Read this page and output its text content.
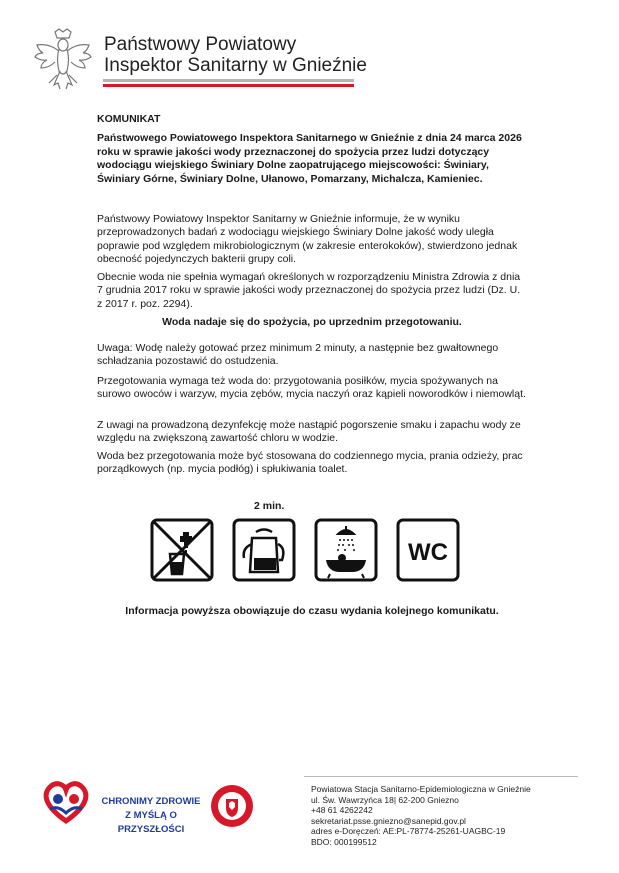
Państwowy Powiatowy
Inspektor Sanitarny w Gnieźnie
KOMUNIKAT
Państwowego Powiatowego Inspektora Sanitarnego w Gnieźnie z dnia 24 marca 2026 roku w sprawie jakości wody przeznaczonej do spożycia przez ludzi dotyczący wodociągu wiejskiego Świniary Dolne zaopatrującego miejscowości: Świniary, Świniary Górne, Świniary Dolne, Ułanowo, Pomarzany, Michalcza, Kamieniec.
Państwowy Powiatowy Inspektor Sanitarny w Gnieźnie informuje, że w wyniku przeprowadzonych badań z wodociągu wiejskiego Świniary Dolne jakość wody uległa poprawie pod względem mikrobiologicznym (w zakresie enterokoków), stwierdzono jednak obecność pojedynczych bakterii grupy coli.
Obecnie woda nie spełnia wymagań określonych w rozporządzeniu Ministra Zdrowia z dnia 7 grudnia 2017 roku w sprawie jakości wody przeznaczonej do spożycia przez ludzi (Dz. U. z 2017 r. poz. 2294).
Woda nadaje się do spożycia, po uprzednim przegotowaniu.
Uwaga: Wodę należy gotować przez minimum 2 minuty, a następnie bez gwałtownego schładzania pozostawić do ostudzenia.
Przegotowania wymaga też woda do: przygotowania posiłków, mycia spożywanych na surowo owoców i warzyw, mycia zębów, mycia naczyń oraz kąpieli noworodków i niemowląt.
Z uwagi na prowadzoną dezynfekcję może nastąpić pogorszenie smaku i zapachu wody ze względu na zwiększoną zawartość chloru w wodzie.
Woda bez przegotowania może być stosowana do codziennego mycia, prania odzieży, prac porządkowych (np. mycia podłóg) i spłukiwania toalet.
2 min.
WC
Informacja powyższa obowiązuje do czasu wydania kolejnego komunikatu.
CHRONIMY ZDROWIE
Z MYŚLĄ O PRZYSZŁOŚCI
Powiatowa Stacja Sanitarno-Epidemiologiczna w Gnieźnie
ul. Św. Wawrzyńca 18| 62-200 Gniezno
+48 61 4262242
sekretariat.psse.gniezno@sanepid.gov.pl
adres e-Doręczeń: AE:PL-78774-25261-UAGBC-19
BDO: 000199512
